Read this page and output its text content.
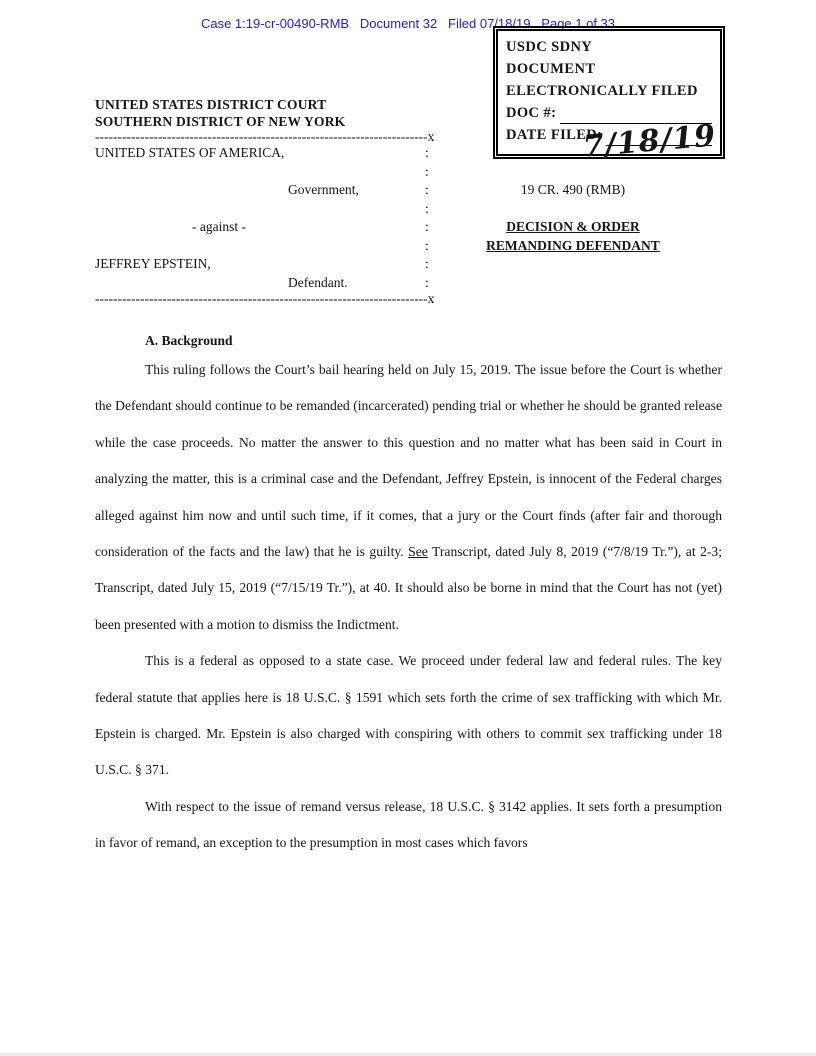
Case 1:19-cr-00490-RMB   Document 32   Filed 07/18/19   Page 1 of 33
USDC SDNY
DOCUMENT
ELECTRONICALLY FILED
DOC #:
DATE FILED:
7/18/19
UNITED STATES DISTRICT COURT
SOUTHERN DISTRICT OF NEW YORK
--------------------------------------------------------------------------x
UNITED STATES OF AMERICA,	:
:
Government,	:	19 CR. 490 (RMB)
:
- against -	:	DECISION & ORDER
:	REMANDING DEFENDANT
JEFFREY EPSTEIN,	:
Defendant.	:
--------------------------------------------------------------------------x
A. Background

This ruling follows the Court’s bail hearing held on July 15, 2019. The issue before the Court is whether the Defendant should continue to be remanded (incarcerated) pending trial or whether he should be granted release while the case proceeds. No matter the answer to this question and no matter what has been said in Court in analyzing the matter, this is a criminal case and the Defendant, Jeffrey Epstein, is innocent of the Federal charges alleged against him now and until such time, if it comes, that a jury or the Court finds (after fair and thorough consideration of the facts and the law) that he is guilty. See Transcript, dated July 8, 2019 (“7/8/19 Tr.”), at 2-3; Transcript, dated July 15, 2019 (“7/15/19 Tr.”), at 40. It should also be borne in mind that the Court has not (yet) been presented with a motion to dismiss the Indictment.

This is a federal as opposed to a state case. We proceed under federal law and federal rules. The key federal statute that applies here is 18 U.S.C. § 1591 which sets forth the crime of sex trafficking with which Mr. Epstein is charged. Mr. Epstein is also charged with conspiring with others to commit sex trafficking under 18 U.S.C. § 371.

With respect to the issue of remand versus release, 18 U.S.C. § 3142 applies. It sets forth a presumption in favor of remand, an exception to the presumption in most cases which favors
